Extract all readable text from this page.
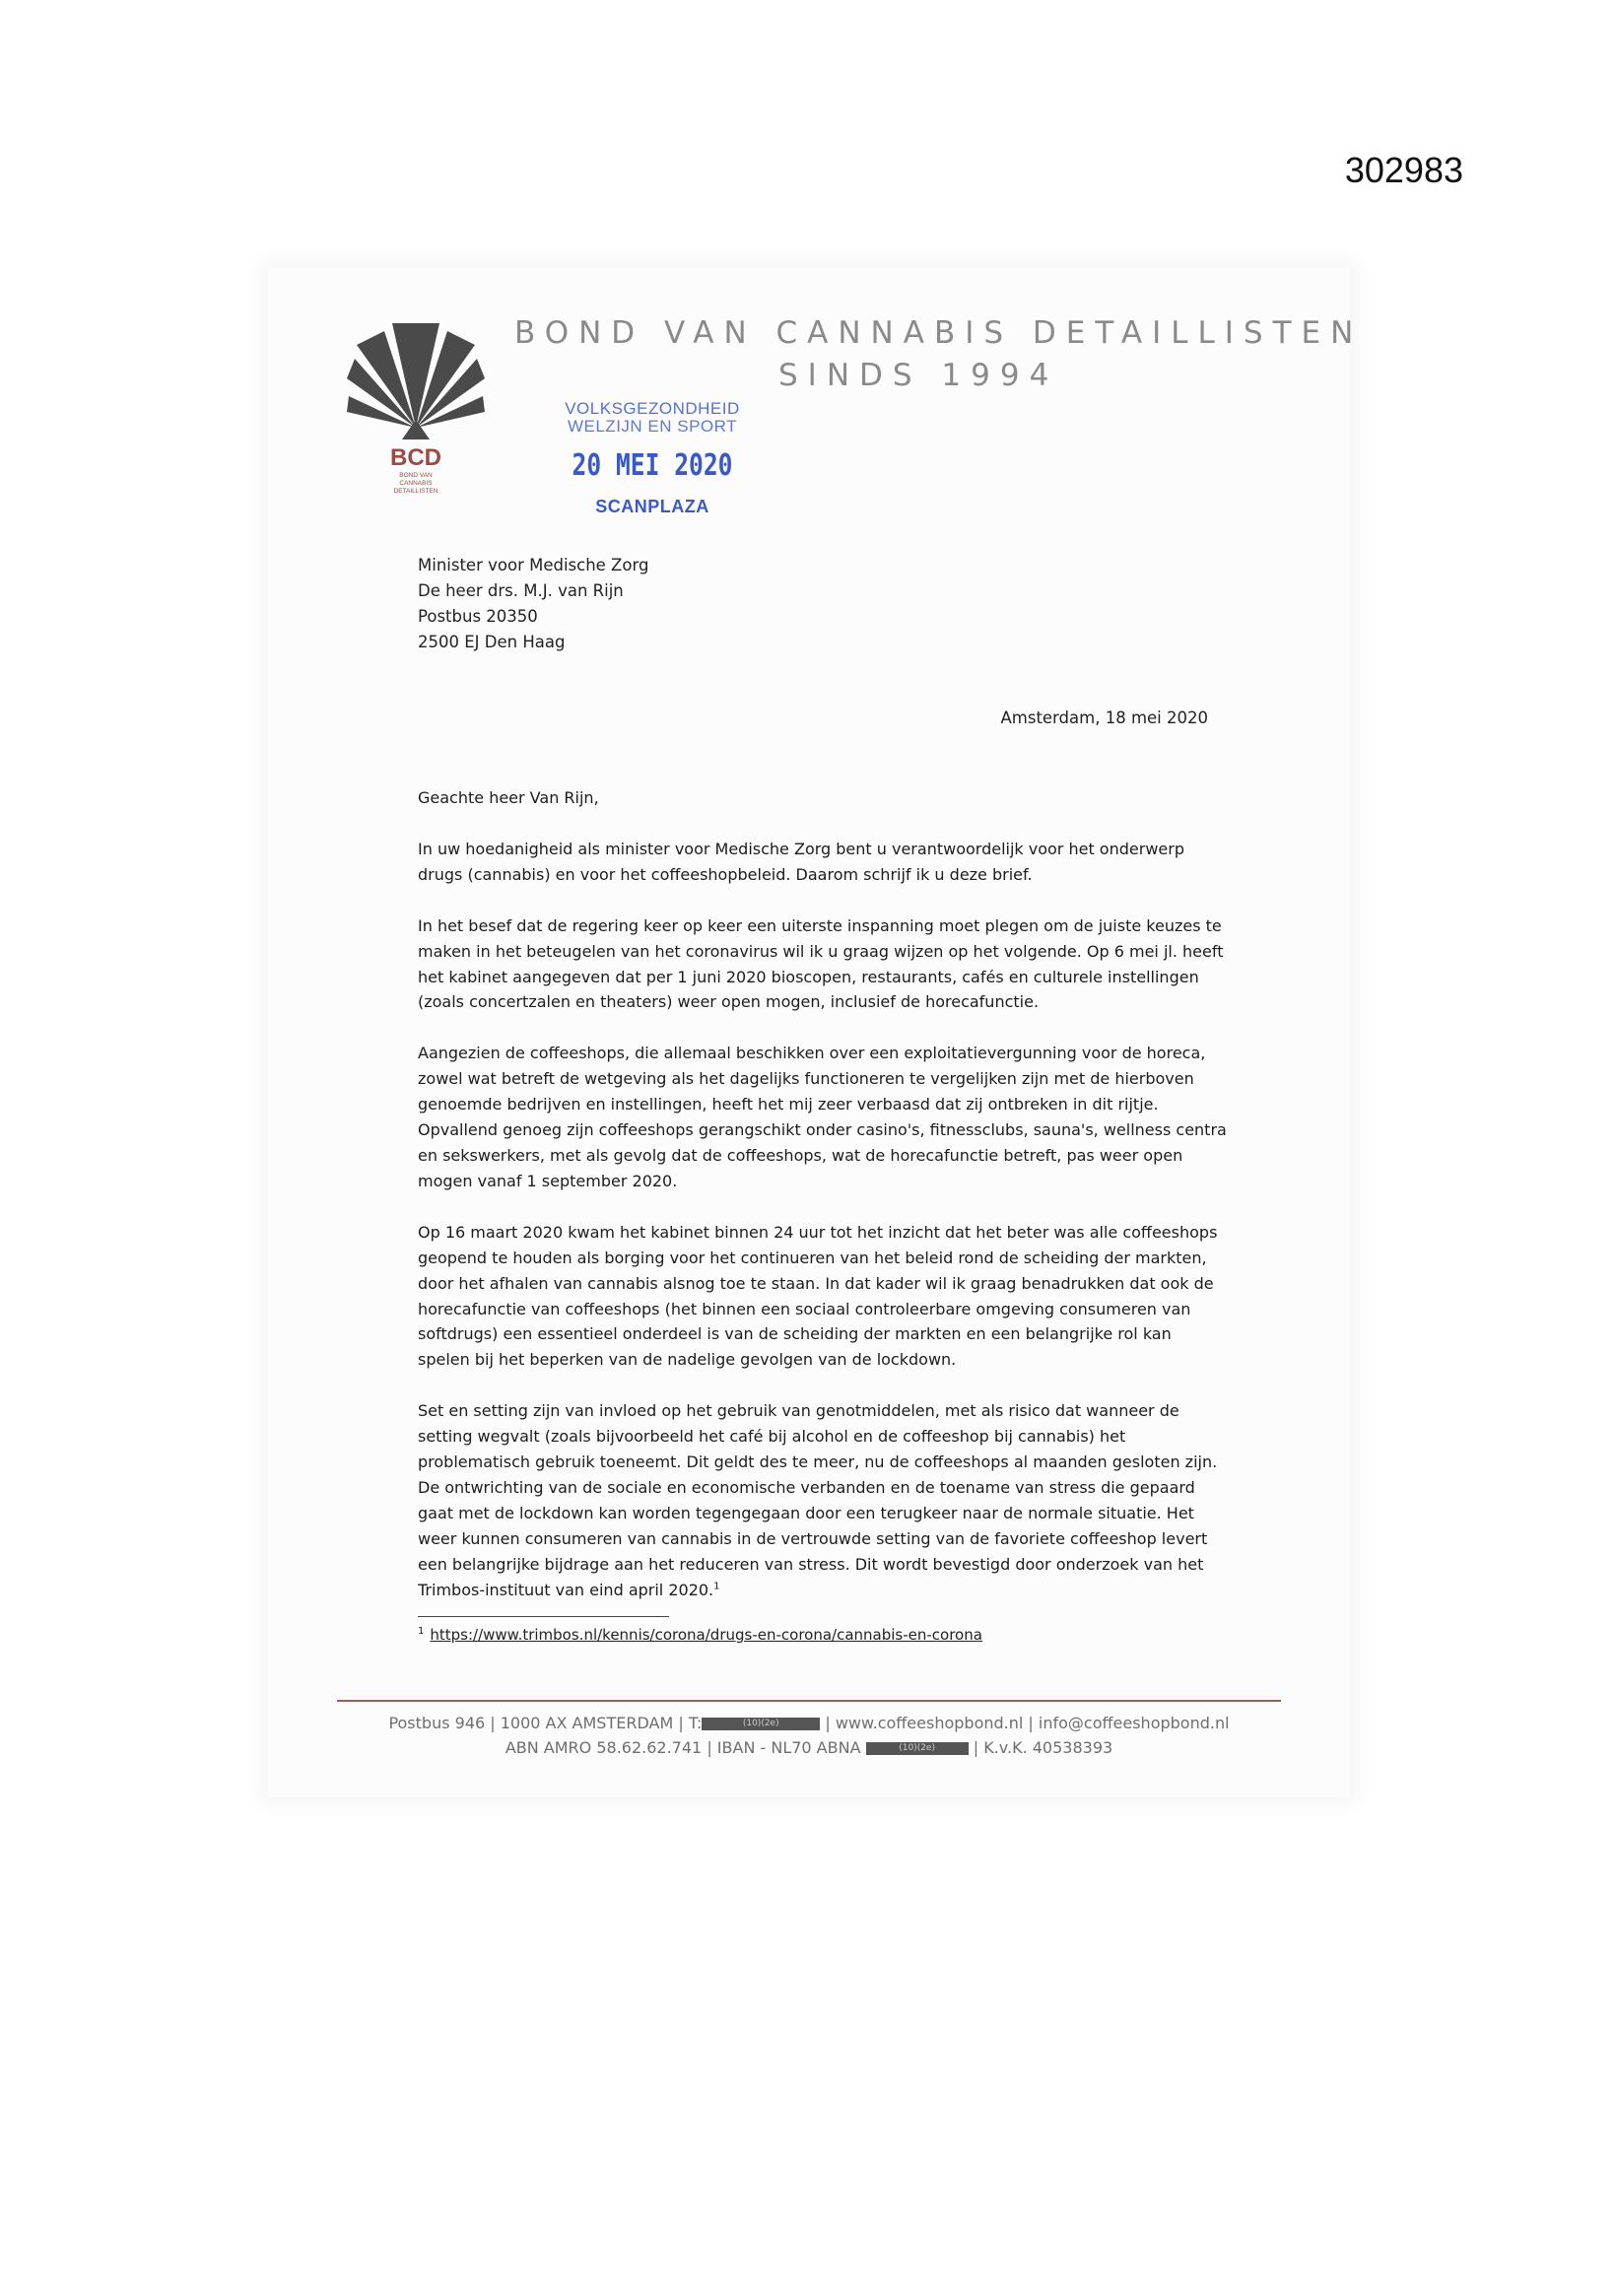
302983
BCD
BOND VAN
CANNABIS
DETAILLISTEN
BOND VAN CANNABIS DETAILLISTEN
SINDS 1994
VOLKSGEZONDHEID
WELZIJN EN SPORT
20 MEI 2020
SCANPLAZA
Minister voor Medische Zorg
De heer drs. M.J. van Rijn
Postbus 20350
2500 EJ Den Haag
Amsterdam, 18 mei 2020

Geachte heer Van Rijn,

In uw hoedanigheid als minister voor Medische Zorg bent u verantwoordelijk voor het onderwerp
drugs (cannabis) en voor het coffeeshopbeleid. Daarom schrijf ik u deze brief.

In het besef dat de regering keer op keer een uiterste inspanning moet plegen om de juiste keuzes te
maken in het beteugelen van het coronavirus wil ik u graag wijzen op het volgende. Op 6 mei jl. heeft
het kabinet aangegeven dat per 1 juni 2020 bioscopen, restaurants, cafés en culturele instellingen
(zoals concertzalen en theaters) weer open mogen, inclusief de horecafunctie.

Aangezien de coffeeshops, die allemaal beschikken over een exploitatievergunning voor de horeca,
zowel wat betreft de wetgeving als het dagelijks functioneren te vergelijken zijn met de hierboven
genoemde bedrijven en instellingen, heeft het mij zeer verbaasd dat zij ontbreken in dit rijtje.
Opvallend genoeg zijn coffeeshops gerangschikt onder casino's, fitnessclubs, sauna's, wellness centra
en sekswerkers, met als gevolg dat de coffeeshops, wat de horecafunctie betreft, pas weer open
mogen vanaf 1 september 2020.

Op 16 maart 2020 kwam het kabinet binnen 24 uur tot het inzicht dat het beter was alle coffeeshops
geopend te houden als borging voor het continueren van het beleid rond de scheiding der markten,
door het afhalen van cannabis alsnog toe te staan. In dat kader wil ik graag benadrukken dat ook de
horecafunctie van coffeeshops (het binnen een sociaal controleerbare omgeving consumeren van
softdrugs) een essentieel onderdeel is van de scheiding der markten en een belangrijke rol kan
spelen bij het beperken van de nadelige gevolgen van de lockdown.

Set en setting zijn van invloed op het gebruik van genotmiddelen, met als risico dat wanneer de
setting wegvalt (zoals bijvoorbeeld het café bij alcohol en de coffeeshop bij cannabis) het
problematisch gebruik toeneemt. Dit geldt des te meer, nu de coffeeshops al maanden gesloten zijn.
De ontwrichting van de sociale en economische verbanden en de toename van stress die gepaard
gaat met de lockdown kan worden tegengegaan door een terugkeer naar de normale situatie. Het
weer kunnen consumeren van cannabis in de vertrouwde setting van de favoriete coffeeshop levert
een belangrijke bijdrage aan het reduceren van stress. Dit wordt bevestigd door onderzoek van het
Trimbos-instituut van eind april 2020.$^1$

$^1$ https://www.trimbos.nl/kennis/corona/drugs-en-corona/cannabis-en-corona
Postbus 946 | 1000 AX AMSTERDAM | T:	(10)(2e)	| www.coffeeshopbond.nl | info@coffeeshopbond.nl
ABN AMRO 58.62.62.741 | IBAN - NL70 ABNA	(10)(2e) | K.v.K. 40538393
